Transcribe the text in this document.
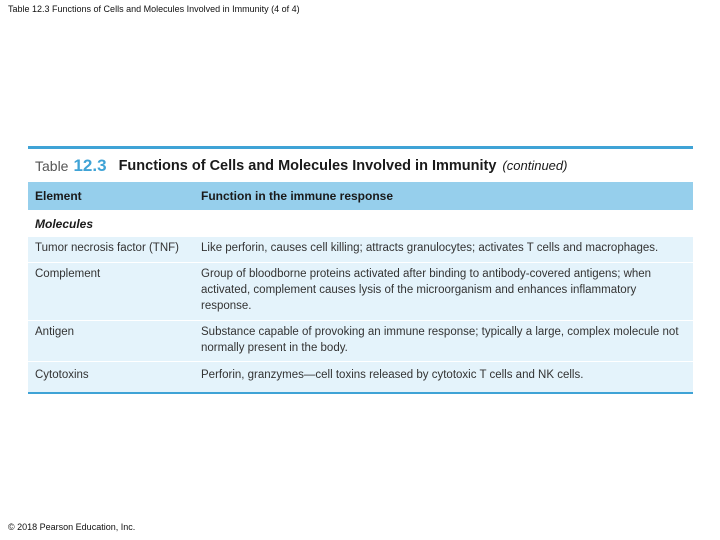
Table 12.3 Functions of Cells and Molecules Involved in Immunity (4 of 4)
Table 12.3 Functions of Cells and Molecules Involved in Immunity (continued)
Element	Function in the immune response
Molecules
Tumor necrosis factor (TNF)	Like perforin, causes cell killing; attracts granulocytes; activates T cells and macrophages.
Complement	Group of bloodborne proteins activated after binding to antibody-covered antigens; when activated, complement causes lysis of the microorganism and enhances inflammatory response.
Antigen	Substance capable of provoking an immune response; typically a large, complex molecule not normally present in the body.
Cytotoxins	Perforin, granzymes—cell toxins released by cytotoxic T cells and NK cells.
© 2018 Pearson Education, Inc.
